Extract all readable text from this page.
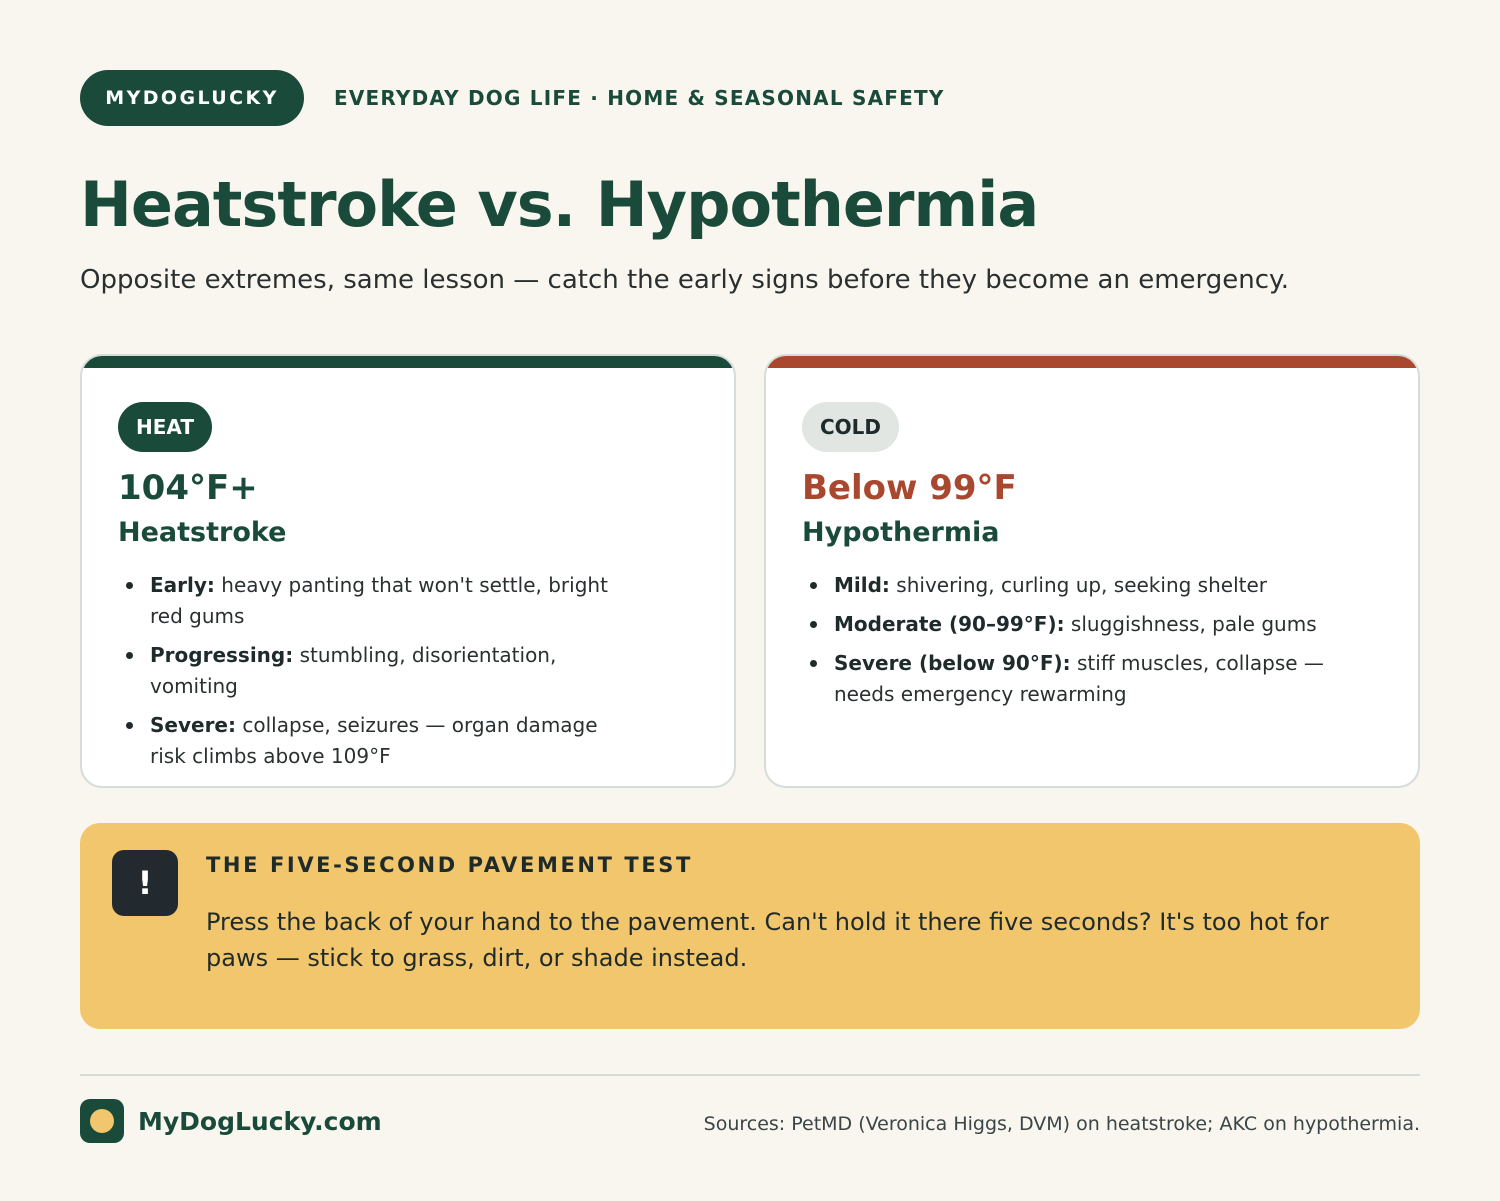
MYDOGLUCKY	EVERYDAY DOG LIFE · HOME & SEASONAL SAFETY
Heatstroke vs. Hypothermia

Opposite extremes, same lesson — catch the early signs before they become an emergency.

HEAT
104°F+
Heatstroke
Early: heavy panting that won't settle, bright red gums
Progressing: stumbling, disorientation, vomiting
Severe: collapse, seizures — organ damage risk climbs above 109°F
COLD
Below 99°F
Hypothermia
Mild: shivering, curling up, seeking shelter
Moderate (90–99°F): sluggishness, pale gums
Severe (below 90°F): stiff muscles, collapse — needs emergency rewarming
!	THE FIVE-SECOND PAVEMENT TEST
Press the back of your hand to the pavement. Can't hold it there five seconds? It's too hot for paws — stick to grass, dirt, or shade instead.
MyDogLucky.com	Sources: PetMD (Veronica Higgs, DVM) on heatstroke; AKC on hypothermia.
